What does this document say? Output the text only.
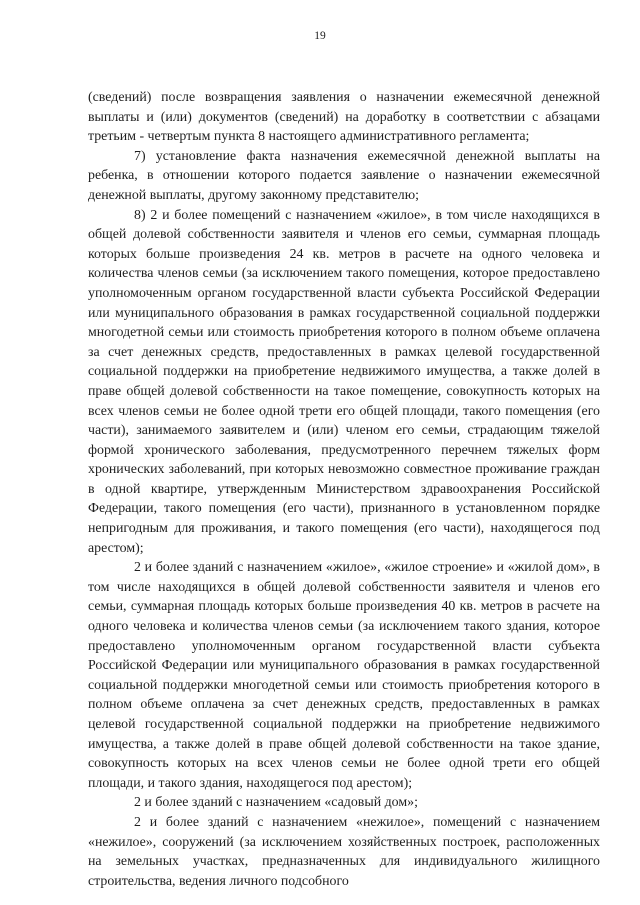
19

(сведений) после возвращения заявления о назначении ежемесячной денежной выплаты и (или) документов (сведений) на доработку в соответствии с абзацами третьим - четвертым пункта 8 настоящего административного регламента;

7) установление факта назначения ежемесячной денежной выплаты на ребенка, в отношении которого подается заявление о назначении ежемесячной денежной выплаты, другому законному представителю;

8) 2 и более помещений с назначением «жилое», в том числе находящихся в общей долевой собственности заявителя и членов его семьи, суммарная площадь которых больше произведения 24 кв. метров в расчете на одного человека и количества членов семьи (за исключением такого помещения, которое предоставлено уполномоченным органом государственной власти субъекта Российской Федерации или муниципального образования в рамках государственной социальной поддержки многодетной семьи или стоимость приобретения которого в полном объеме оплачена за счет денежных средств, предоставленных в рамках целевой государственной социальной поддержки на приобретение недвижимого имущества, а также долей в праве общей долевой собственности на такое помещение, совокупность которых на всех членов семьи не более одной трети его общей площади, такого помещения (его части), занимаемого заявителем и (или) членом его семьи, страдающим тяжелой формой хронического заболевания, предусмотренного перечнем тяжелых форм хронических заболеваний, при которых невозможно совместное проживание граждан в одной квартире, утвержденным Министерством здравоохранения Российской Федерации, такого помещения (его части), признанного в установленном порядке непригодным для проживания, и такого помещения (его части), находящегося под арестом);

2 и более зданий с назначением «жилое», «жилое строение» и «жилой дом», в том числе находящихся в общей долевой собственности заявителя и членов его семьи, суммарная площадь которых больше произведения 40 кв. метров в расчете на одного человека и количества членов семьи (за исключением такого здания, которое предоставлено уполномоченным органом государственной власти субъекта Российской Федерации или муниципального образования в рамках государственной социальной поддержки многодетной семьи или стоимость приобретения которого в полном объеме оплачена за счет денежных средств, предоставленных в рамках целевой государственной социальной поддержки на приобретение недвижимого имущества, а также долей в праве общей долевой собственности на такое здание, совокупность которых на всех членов семьи не более одной трети его общей площади, и такого здания, находящегося под арестом);

2 и более зданий с назначением «садовый дом»;

2 и более зданий с назначением «нежилое», помещений с назначением «нежилое», сооружений (за исключением хозяйственных построек, расположенных на земельных участках, предназначенных для индивидуального жилищного строительства, ведения личного подсобного
